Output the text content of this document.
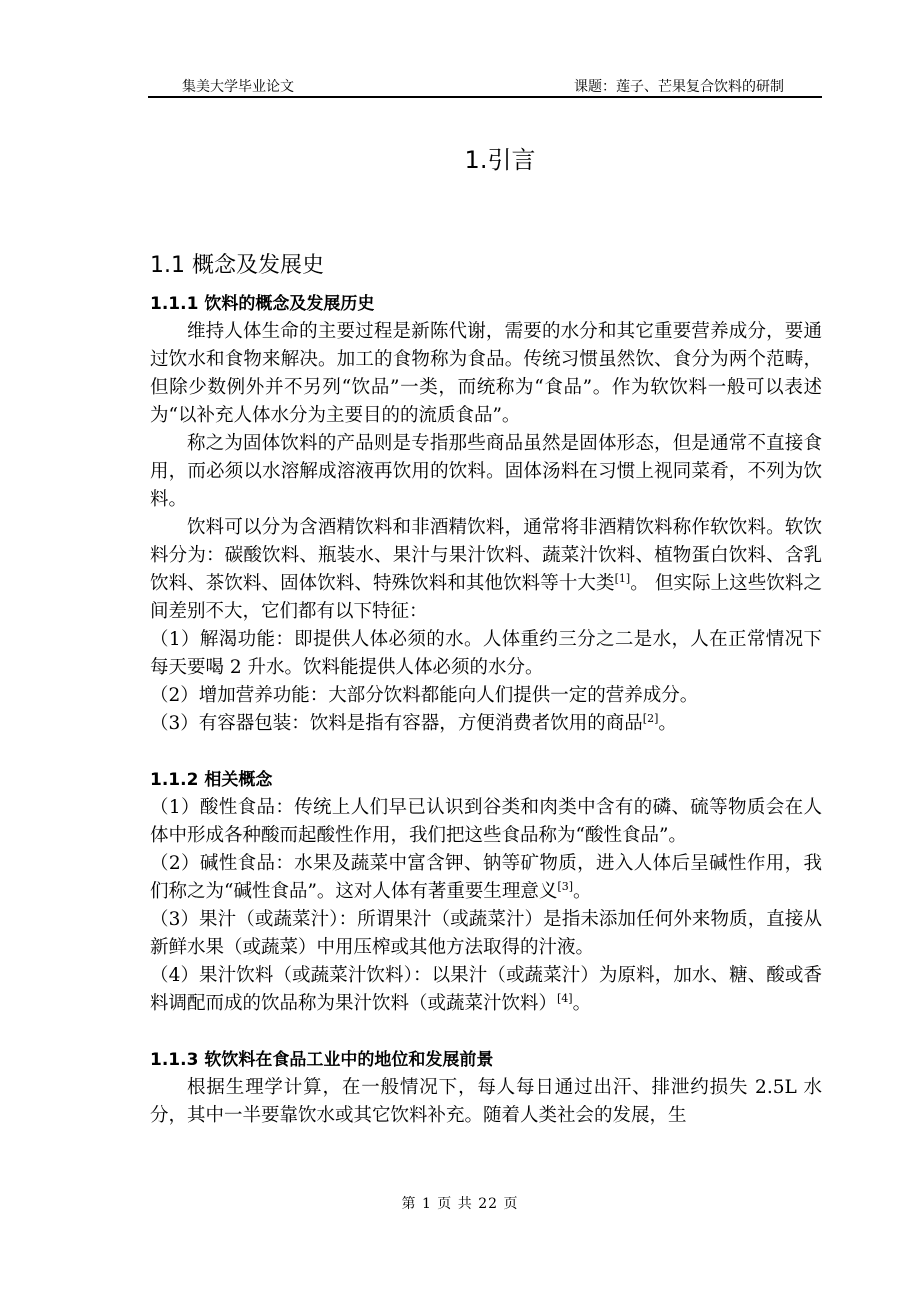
集美大学毕业论文	课题：莲子、芒果复合饮料的研制
1.引言
1.1 概念及发展史
1.1.1 饮料的概念及发展历史

维持人体生命的主要过程是新陈代谢，需要的水分和其它重要营养成分，要通过饮水和食物来解决。加工的食物称为食品。传统习惯虽然饮、食分为两个范畴，但除少数例外并不另列“饮品”一类，而统称为“食品”。作为软饮料一般可以表述为“以补充人体水分为主要目的的流质食品”。

称之为固体饮料的产品则是专指那些商品虽然是固体形态，但是通常不直接食用，而必须以水溶解成溶液再饮用的饮料。固体汤料在习惯上视同菜肴，不列为饮料。

饮料可以分为含酒精饮料和非酒精饮料，通常将非酒精饮料称作软饮料。软饮料分为：碳酸饮料、瓶装水、果汁与果汁饮料、蔬菜汁饮料、植物蛋白饮料、含乳饮料、茶饮料、固体饮料、特殊饮料和其他饮料等十大类[1]。 但实际上这些饮料之间差别不大，它们都有以下特征：

（1）解渴功能：即提供人体必须的水。人体重约三分之二是水，人在正常情况下每天要喝 2 升水。饮料能提供人体必须的水分。

（2）增加营养功能：大部分饮料都能向人们提供一定的营养成分。

（3）有容器包装：饮料是指有容器，方便消费者饮用的商品[2]。

1.1.2 相关概念

（1）酸性食品：传统上人们早已认识到谷类和肉类中含有的磷、硫等物质会在人体中形成各种酸而起酸性作用，我们把这些食品称为“酸性食品”。

（2）碱性食品：水果及蔬菜中富含钾、钠等矿物质，进入人体后呈碱性作用，我们称之为“碱性食品”。这对人体有著重要生理意义[3]。

（3）果汁（或蔬菜汁）：所谓果汁（或蔬菜汁）是指未添加任何外来物质，直接从新鲜水果（或蔬菜）中用压榨或其他方法取得的汁液。

（4）果汁饮料（或蔬菜汁饮料）：以果汁（或蔬菜汁）为原料，加水、糖、酸或香料调配而成的饮品称为果汁饮料（或蔬菜汁饮料）[4]。

1.1.3 软饮料在食品工业中的地位和发展前景

根据生理学计算，在一般情况下，每人每日通过出汗、排泄约损失 2.5L 水分，其中一半要靠饮水或其它饮料补充。随着人类社会的发展，生

第 1 页 共 22 页
